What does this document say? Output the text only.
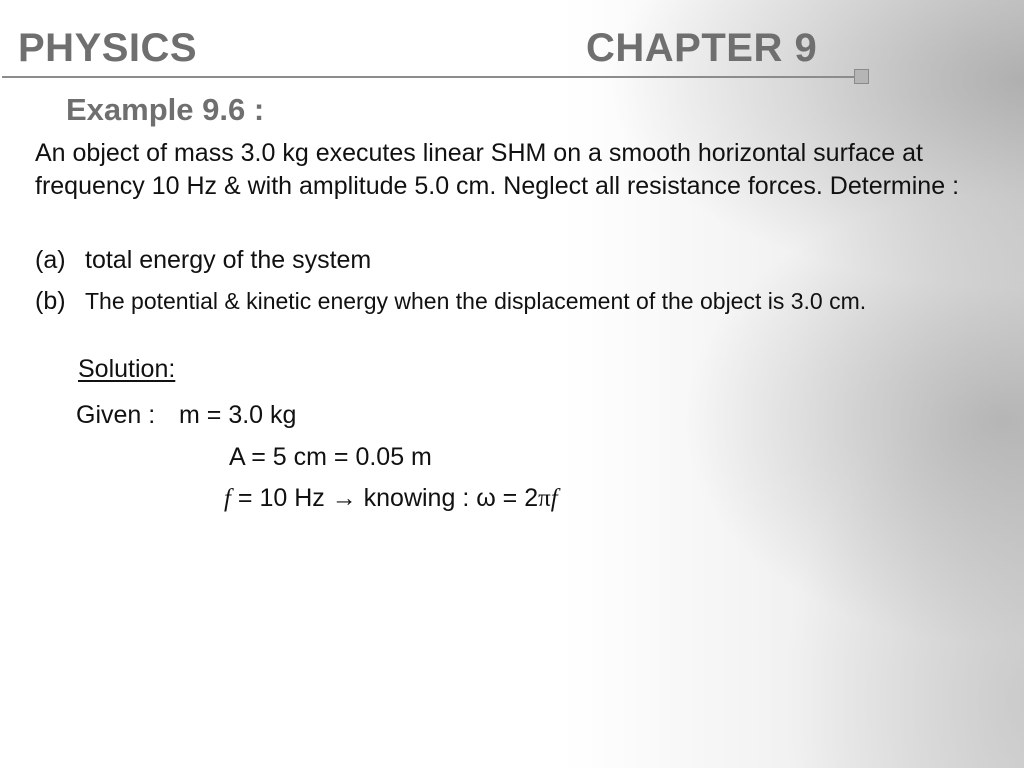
PHYSICS	CHAPTER 9
Example 9.6 :
An object of mass 3.0 kg executes linear SHM on a smooth horizontal surface at frequency 10 Hz & with amplitude 5.0 cm. Neglect all resistance forces. Determine :
(a) total energy of the system
(b) The potential & kinetic energy when the displacement of the object is 3.0 cm.
Solution:
Given : m = 3.0 kg
A = 5 cm = 0.05 m
f = 10 Hz → knowing : ω = 2πf
